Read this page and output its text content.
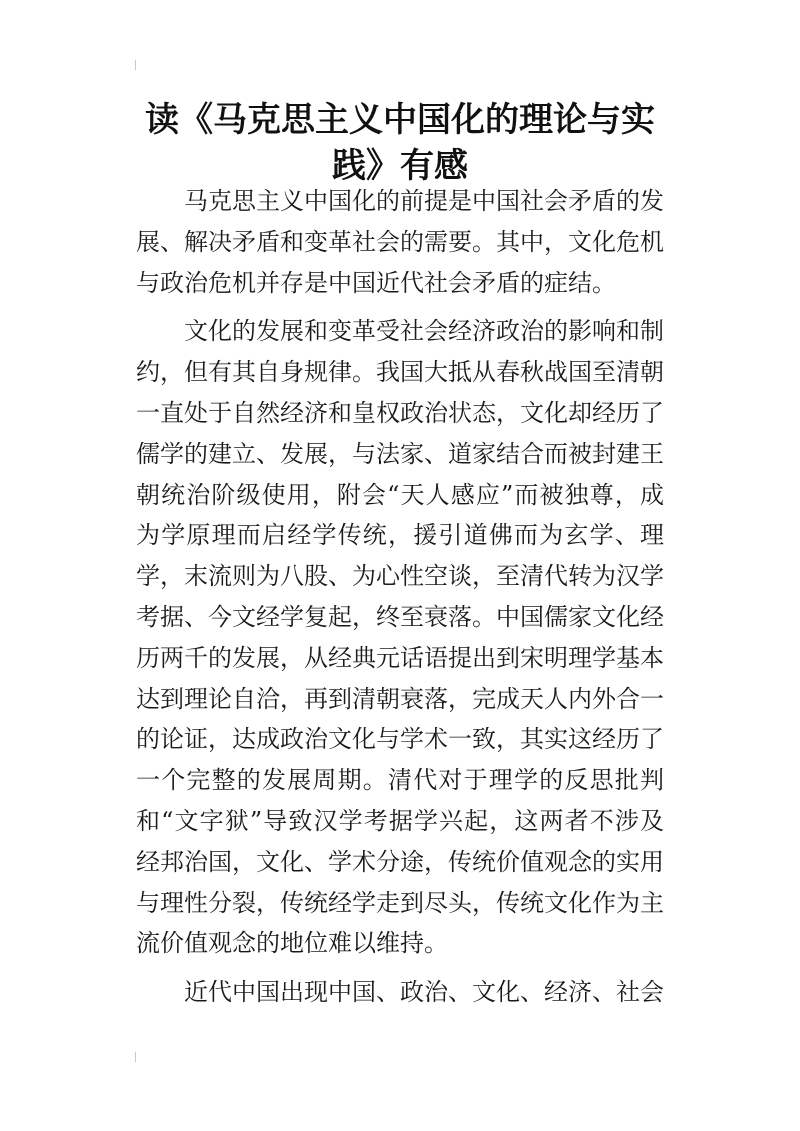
读《马克思主义中国化的理论与实践》有感

马克思主义中国化的前提是中国社会矛盾的发展、解决矛盾和变革社会的需要。其中，文化危机与政治危机并存是中国近代社会矛盾的症结。

文化的发展和变革受社会经济政治的影响和制约，但有其自身规律。我国大抵从春秋战国至清朝一直处于自然经济和皇权政治状态，文化却经历了儒学的建立、发展，与法家、道家结合而被封建王朝统治阶级使用，附会“天人感应”而被独尊，成为学原理而启经学传统，援引道佛而为玄学、理学，末流则为八股、为心性空谈，至清代转为汉学考据、今文经学复起，终至衰落。中国儒家文化经历两千的发展，从经典元话语提出到宋明理学基本达到理论自洽，再到清朝衰落，完成天人内外合一的论证，达成政治文化与学术一致，其实这经历了一个完整的发展周期。清代对于理学的反思批判和“文字狱”导致汉学考据学兴起，这两者不涉及经邦治国，文化、学术分途，传统价值观念的实用与理性分裂，传统经学走到尽头，传统文化作为主流价值观念的地位难以维持。

近代中国出现中国、政治、文化、经济、社会
